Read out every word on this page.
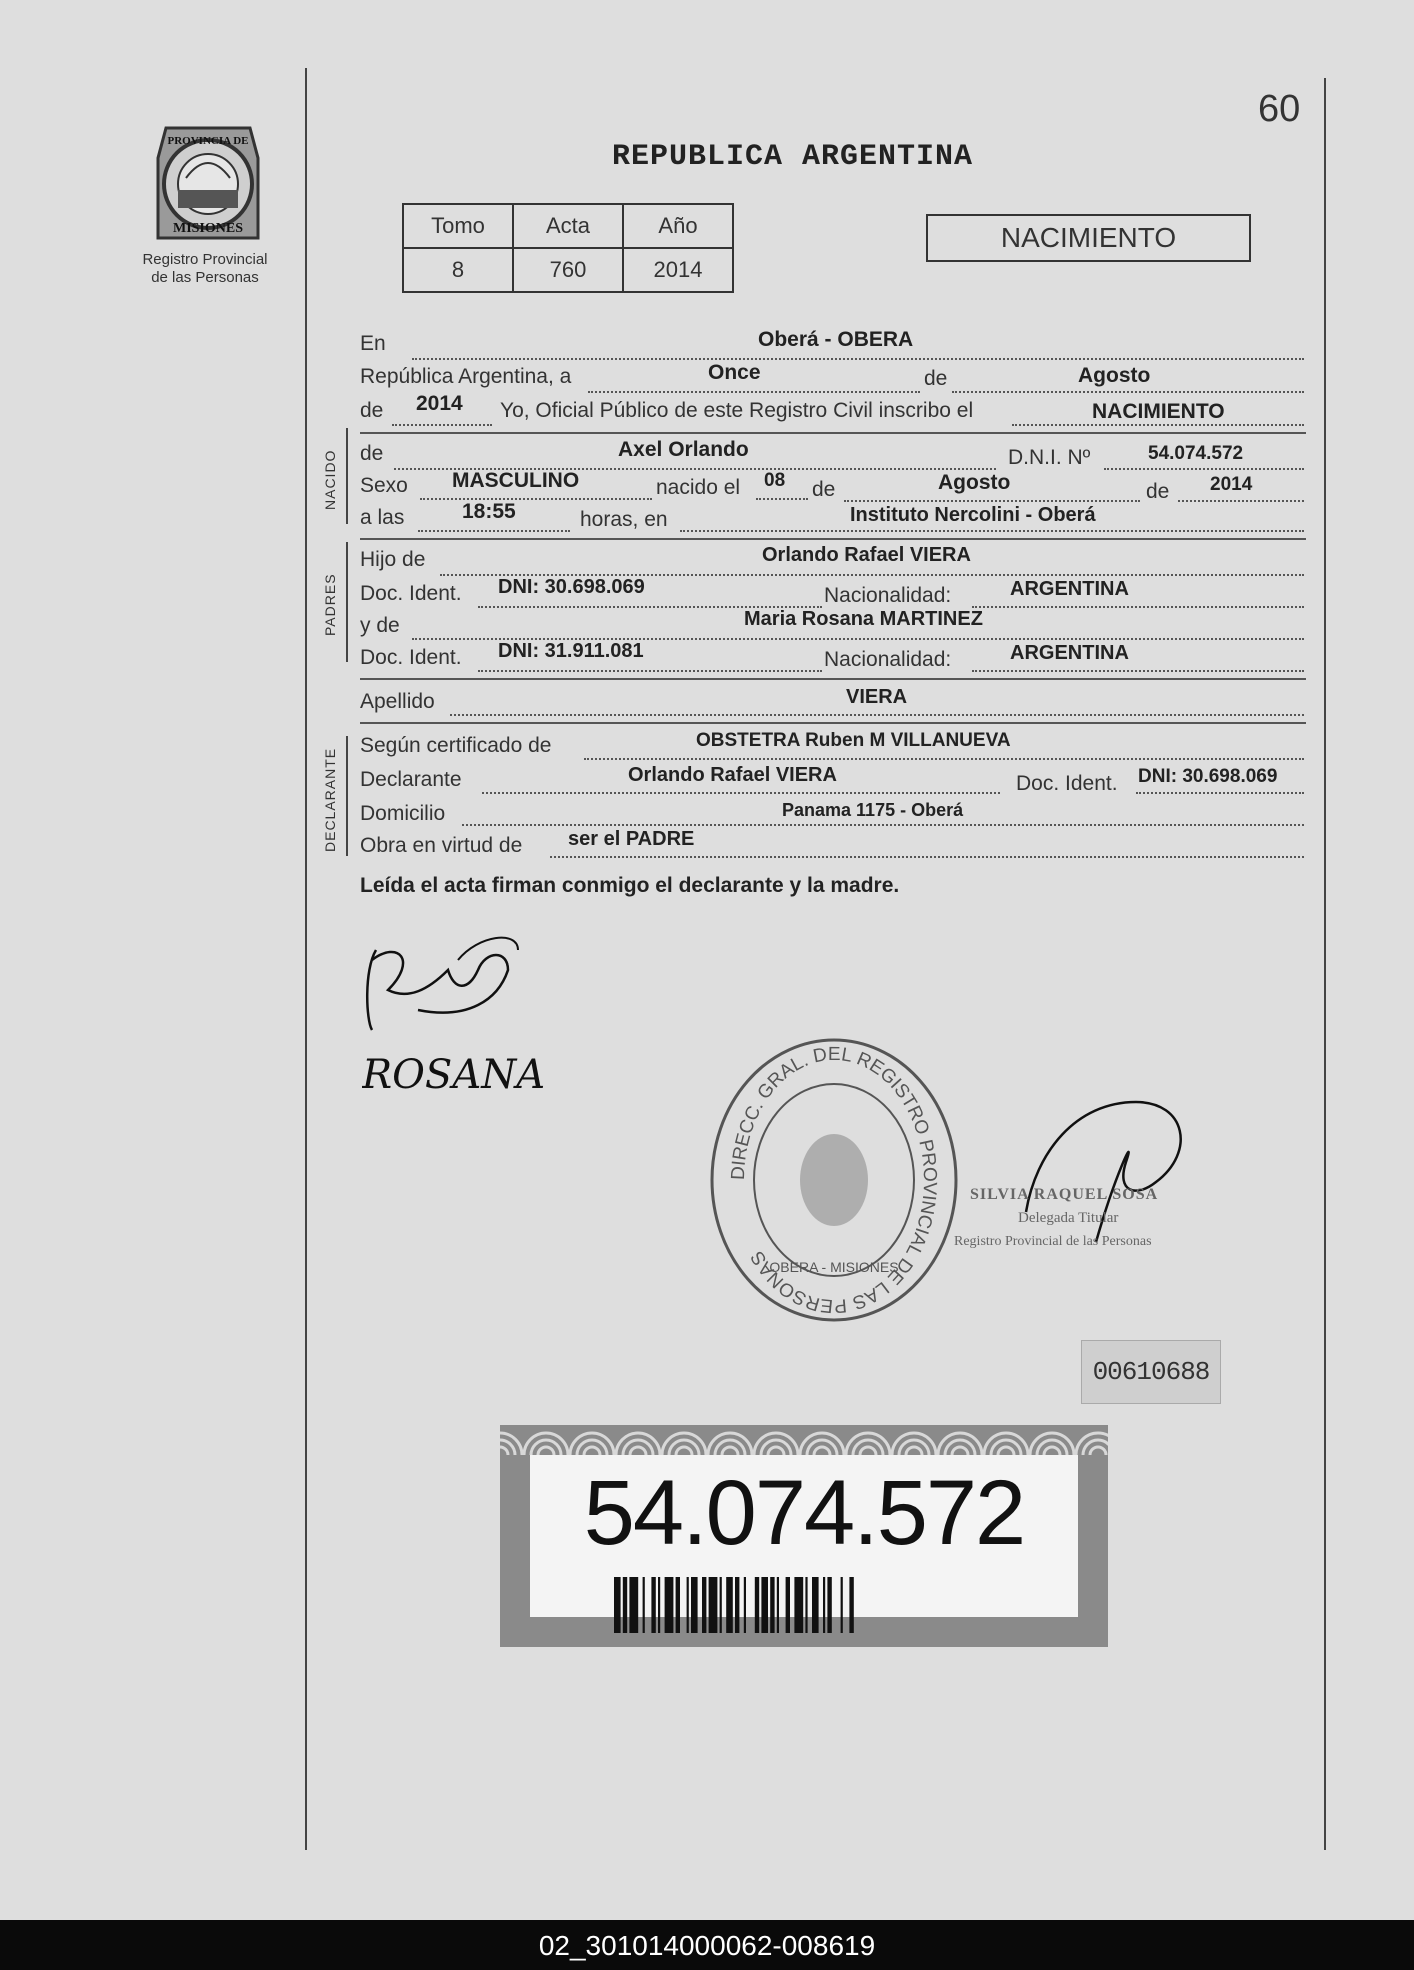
60
PROVINCIA DE
MISIONES
Registro Provincial
de las Personas
REPUBLICA ARGENTINA
Tomo	Acta	Año
8	760	2014
NACIMIENTO
En	Oberá - OBERA
República Argentina, a	Once	de	Agosto
de 2014 Yo, Oficial Público de este Registro Civil inscribo el	NACIMIENTO
NACIDO de	Axel Orlando	D.N.I. Nº	54.074.572
Sexo MASCULINO	nacido el 08 de	Agosto	de 2014
a las	18:55	horas, en	Instituto Nercolini - Oberá
PADRES
Hijo de	Orlando Rafael VIERA
Doc. Ident. DNI: 30.698.069	Nacionalidad:	ARGENTINA
y de	Maria Rosana MARTINEZ
Doc. Ident. DNI: 31.911.081	Nacionalidad:	ARGENTINA
Apellido	VIERA
DECLARANTE
Según certificado de	OBSTETRA Ruben M VILLANUEVA
Declarante	Orlando Rafael VIERA	Doc. Ident. DNI: 30.698.069
Domicilio	Panama 1175 - Oberá
Obra en virtud de ser el PADRE
Leída el acta firman conmigo el declarante y la madre.
ROSANA
DIRECC. GRAL. DEL REGISTRO PROVINCIAL DE LAS PERSONAS
OBERA - MISIONES
SILVIA RAQUEL SOSA
Delegada Titular
Registro Provincial de las Personas
00610688
54.074.572
02_301014000062-008619
